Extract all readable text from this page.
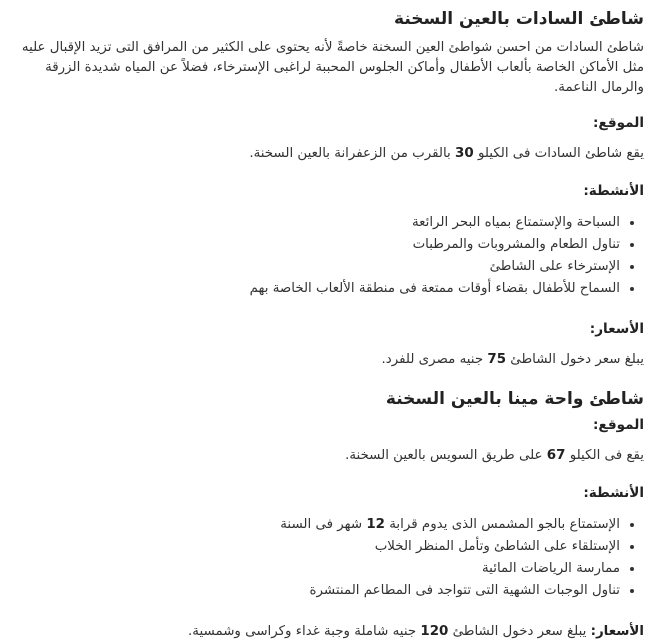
شاطئ السادات بالعين السخنة

شاطئ السادات من احسن شواطئ العين السخنة خاصةً لأنه يحتوى على الكثير من المرافق التى تزيد الإقبال عليه مثل الأماكن الخاصة بألعاب الأطفال وأماكن الجلوس المحببة لراغبى الإسترخاء، فضلاً عن المياه شديدة الزرقة والرمال الناعمة.

الموقع:

يقع شاطئ السادات فى الكيلو 30 بالقرب من الزعفرانة بالعين السخنة.

الأنشطة:
• السباحة والإستمتاع بمياه البحر الرائعة
• تناول الطعام والمشروبات والمرطبات
• الإسترخاء على الشاطئ
• السماح للأطفال بقضاء أوقات ممتعة فى منطقة الألعاب الخاصة بهم
الأسعار:

يبلغ سعر دخول الشاطئ 75 جنيه مصرى للفرد.

شاطئ واحة مينا بالعين السخنة
الموقع:

يقع فى الكيلو 67 على طريق السويس بالعين السخنة.

الأنشطة:
• الإستمتاع بالجو المشمس الذى يدوم قرابة 12 شهر فى السنة
• الإستلقاء على الشاطئ وتأمل المنظر الخلاب
• ممارسة الرياضات المائية
• تناول الوجبات الشهية التى تتواجد فى المطاعم المنتشرة

الأسعار: يبلغ سعر دخول الشاطئ 120 جنيه شاملة وجبة غداء وكراسى وشمسية.
